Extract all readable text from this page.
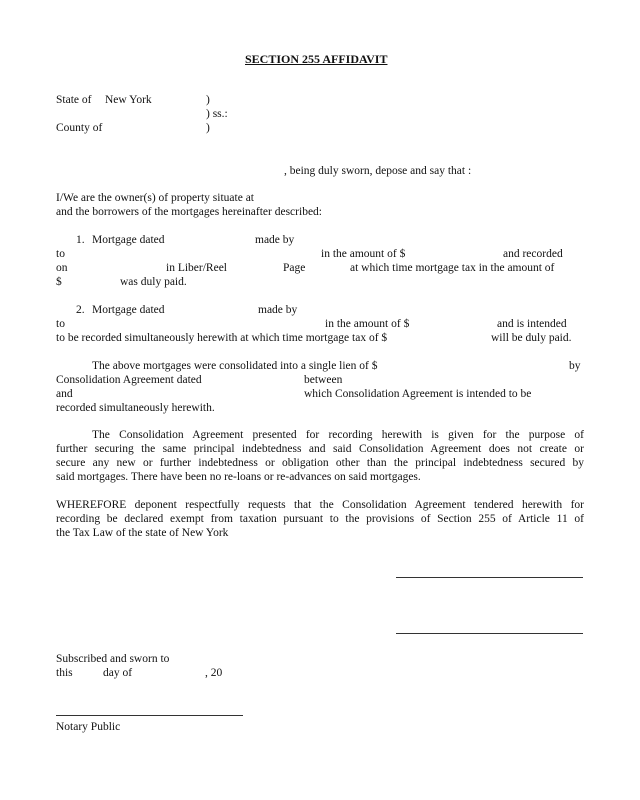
SECTION 255 AFFIDAVIT
State of New York	)
) ss.:
County of	)
, being duly sworn, depose and say that :
I/We are the owner(s) of property situate at
and the borrowers of the mortgages hereinafter described:
1. Mortgage dated	made by
to	in the amount of $	and recorded
on	in Liber/Reel	Page	at which time mortgage tax in the amount of
$	was duly paid.
2. Mortgage dated	made by
to	in the amount of $	and is intended
to be recorded simultaneously herewith at which time mortgage tax of $	will be duly paid.
The above mortgages were consolidated into a single lien of $	by
Consolidation Agreement dated	between
and	which Consolidation Agreement is intended to be
recorded simultaneously herewith.
The Consolidation Agreement presented for recording herewith is given for the purpose of
further securing the same principal indebtedness and said Consolidation Agreement does not create or
secure any new or further indebtedness or obligation other than the principal indebtedness secured by
said mortgages. There have been no re-loans or re-advances on said mortgages.
WHEREFORE deponent respectfully requests that the Consolidation Agreement tendered herewith for
recording be declared exempt from taxation pursuant to the provisions of Section 255 of Article 11 of
the Tax Law of the state of New York
Subscribed and sworn to
this	day of	, 20
Notary Public
